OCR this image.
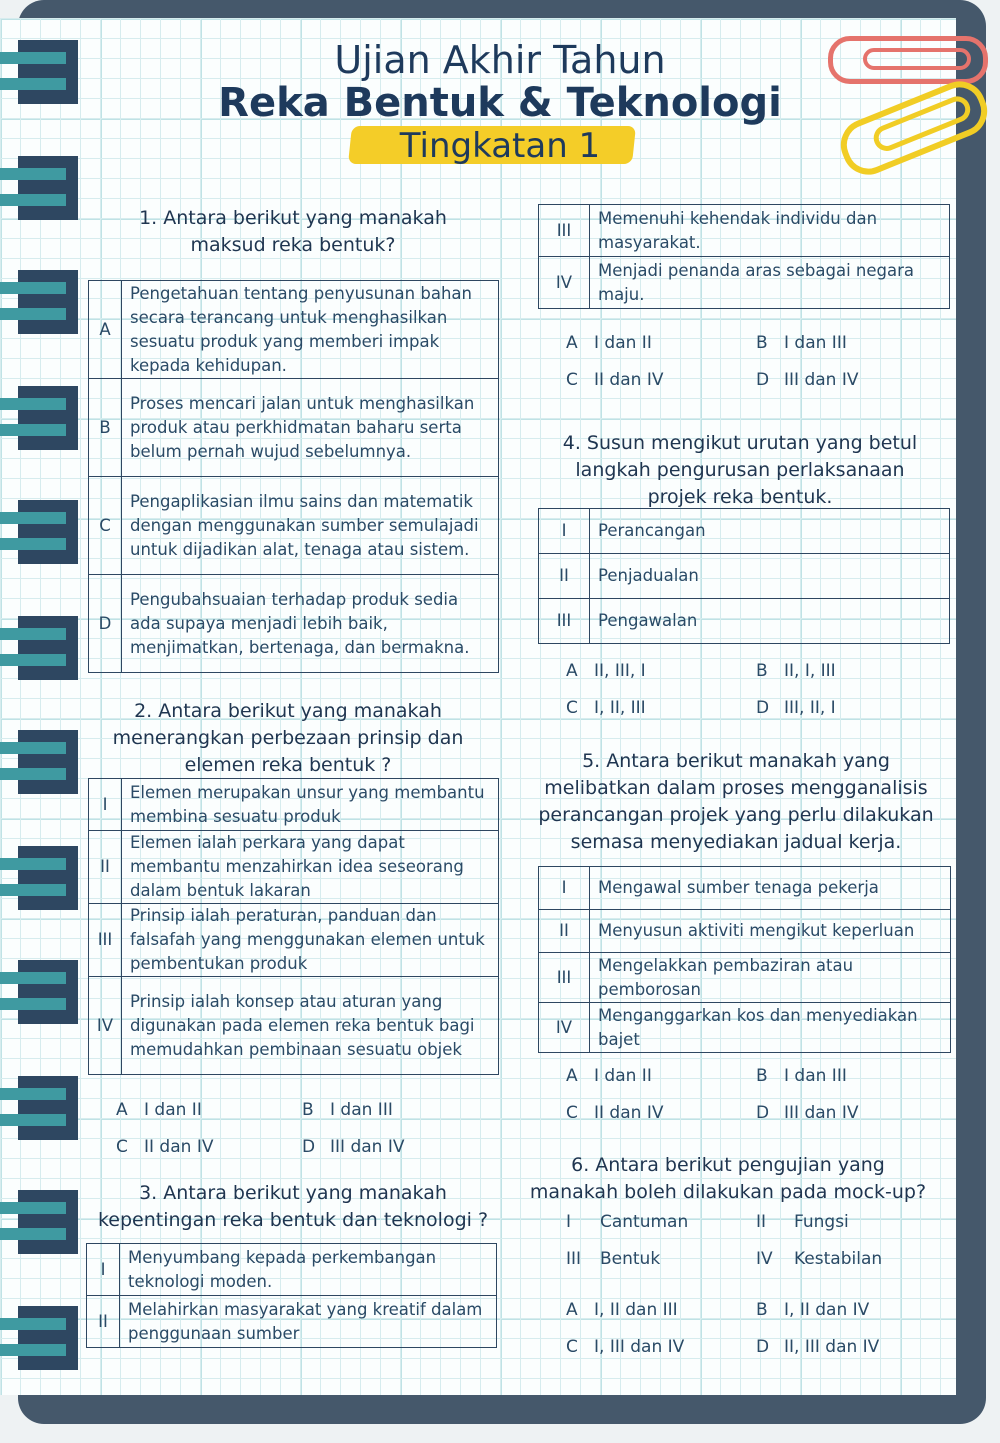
Ujian Akhir Tahun
Reka Bentuk & Teknologi
Tingkatan 1
1. Antara berikut yang manakah
maksud reka bentuk?
A	Pengetahuan tentang penyusunan bahan secara terancang untuk menghasilkan sesuatu produk yang memberi impak kepada kehidupan.
B	Proses mencari jalan untuk menghasilkan produk atau perkhidmatan baharu serta belum pernah wujud sebelumnya.
C	Pengaplikasian ilmu sains dan matematik dengan menggunakan sumber semulajadi untuk dijadikan alat, tenaga atau sistem.
D	Pengubahsuaian terhadap produk sedia ada supaya menjadi lebih baik, menjimatkan, bertenaga, dan bermakna.
2. Antara berikut yang manakah
menerangkan perbezaan prinsip dan
elemen reka bentuk ?
I	Elemen merupakan unsur yang membantu membina sesuatu produk
II	Elemen ialah perkara yang dapat membantu menzahirkan idea seseorang dalam bentuk lakaran
III	Prinsip ialah peraturan, panduan dan falsafah yang menggunakan elemen untuk pembentukan produk
IV	Prinsip ialah konsep atau aturan yang digunakan pada elemen reka bentuk bagi memudahkan pembinaan sesuatu objek
A I dan II	B I dan III
C II dan IV	D III dan IV
3. Antara berikut yang manakah
kepentingan reka bentuk dan teknologi ?
I	Menyumbang kepada perkembangan teknologi moden.
II	Melahirkan masyarakat yang kreatif dalam penggunaan sumber
III	Memenuhi kehendak individu dan masyarakat.
IV	Menjadi penanda aras sebagai negara maju.
A I dan II	B I dan III
C II dan IV	D III dan IV
4. Susun mengikut urutan yang betul
langkah pengurusan perlaksanaan
projek reka bentuk.
I	Perancangan
II	Penjadualan
III	Pengawalan
A II, III, I	B II, I, III
C I, II, III	D III, II, I
5. Antara berikut manakah yang
melibatkan dalam proses mengganalisis
perancangan projek yang perlu dilakukan
semasa menyediakan jadual kerja.
I	Mengawal sumber tenaga pekerja
II	Menyusun aktiviti mengikut keperluan
III	Mengelakkan pembaziran atau pemborosan
IV	Menganggarkan kos dan menyediakan bajet
A I dan II	B I dan III
C II dan IV	D III dan IV
6. Antara berikut pengujian yang
manakah boleh dilakukan pada mock-up?
I Cantuman	II Fungsi
III Bentuk	IV Kestabilan
A I, II dan III	B I, II dan IV
C I, III dan IV	D II, III dan IV
